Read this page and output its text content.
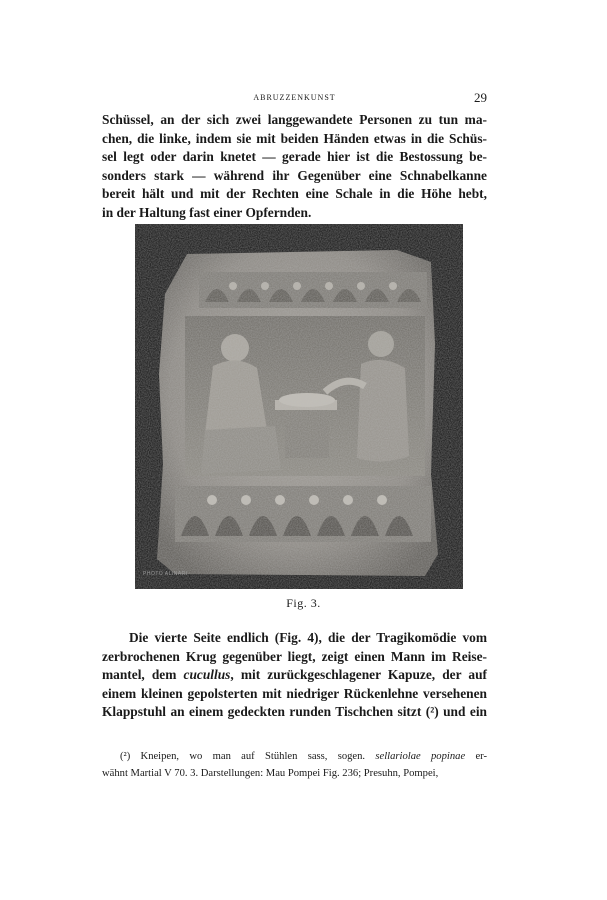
ABRUZZENKUNST	29
Schüssel, an der sich zwei langgewandete Personen zu tun ma-
chen, die linke, indem sie mit beiden Händen etwas in die Schüs-
sel legt oder darin knetet — gerade hier ist die Bestossung be-
sonders stark — während ihr Gegenüber eine Schnabelkanne
bereit hält und mit der Rechten eine Schale in die Höhe hebt,
in der Haltung fast einer Opfernden.
PHOTO ALINARI
·
Fig. 3.
Die vierte Seite endlich (Fig. 4), die der Tragikomödie vom
zerbrochenen Krug gegenüber liegt, zeigt einen Mann im Reise-
mantel, dem cucullus, mit zurückgeschlagener Kapuze, der auf
einem kleinen gepolsterten mit niedriger Rückenlehne versehenen
Klappstuhl an einem gedeckten runden Tischchen sitzt (²) und ein
(²) Kneipen, wo man auf Stühlen sass, sogen. sellariolae popinae er-
wähnt Martial V 70. 3. Darstellungen: Mau Pompei Fig. 236; Presuhn, Pompei,
